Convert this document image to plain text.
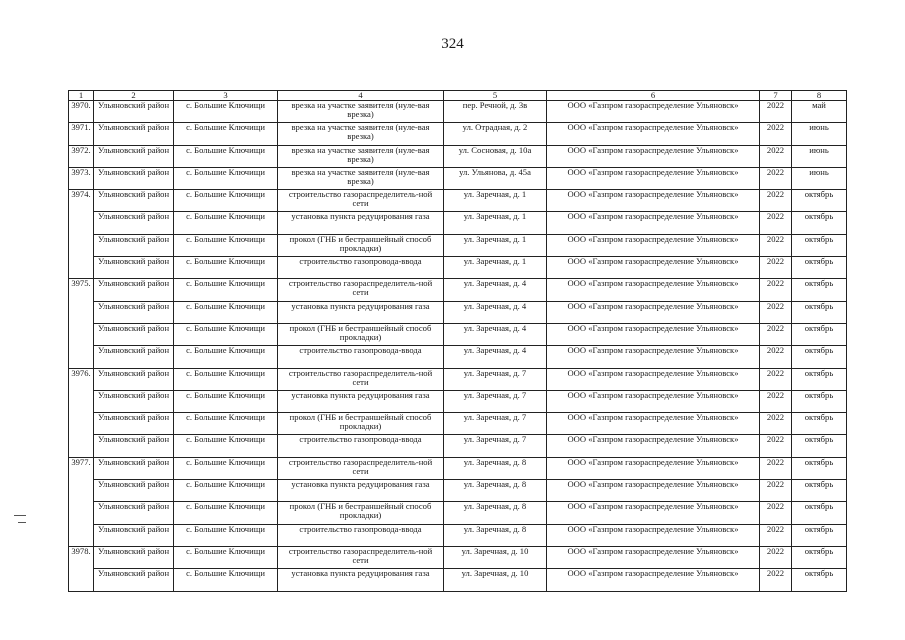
324
1	2	3	4	5	6	7	8
3970.	Ульяновский район	с. Большие Ключищи	врезка на участке заявителя (нуле-вая врезка)	пер. Речной, д. 3в	ООО «Газпром газораспределение Ульяновск»	2022	май
3971.	Ульяновский район	с. Большие Ключищи	врезка на участке заявителя (нуле-вая врезка)	ул. Отрадная, д. 2	ООО «Газпром газораспределение Ульяновск»	2022	июнь
3972.	Ульяновский район	с. Большие Ключищи	врезка на участке заявителя (нуле-вая врезка)	ул. Сосновая, д. 10а	ООО «Газпром газораспределение Ульяновск»	2022	июнь
3973.	Ульяновский район	с. Большие Ключищи	врезка на участке заявителя (нуле-вая врезка)	ул. Ульянова, д. 45а	ООО «Газпром газораспределение Ульяновск»	2022	июнь
3974.	Ульяновский район	с. Большие Ключищи	строительство газораспределитель-ной сети	ул. Заречная, д. 1	ООО «Газпром газораспределение Ульяновск»	2022	октябрь
	Ульяновский район	с. Большие Ключищи	установка пункта редуцирования газа	ул. Заречная, д. 1	ООО «Газпром газораспределение Ульяновск»	2022	октябрь
	Ульяновский район	с. Большие Ключищи	прокол (ГНБ и бестраншейный способ прокладки)	ул. Заречная, д. 1	ООО «Газпром газораспределение Ульяновск»	2022	октябрь
	Ульяновский район	с. Большие Ключищи	строительство газопровода-ввода	ул. Заречная, д. 1	ООО «Газпром газораспределение Ульяновск»	2022	октябрь
3975.	Ульяновский район	с. Большие Ключищи	строительство газораспределитель-ной сети	ул. Заречная, д. 4	ООО «Газпром газораспределение Ульяновск»	2022	октябрь
	Ульяновский район	с. Большие Ключищи	установка пункта редуцирования газа	ул. Заречная, д. 4	ООО «Газпром газораспределение Ульяновск»	2022	октябрь
	Ульяновский район	с. Большие Ключищи	прокол (ГНБ и бестраншейный способ прокладки)	ул. Заречная, д. 4	ООО «Газпром газораспределение Ульяновск»	2022	октябрь
	Ульяновский район	с. Большие Ключищи	строительство газопровода-ввода	ул. Заречная, д. 4	ООО «Газпром газораспределение Ульяновск»	2022	октябрь
3976.	Ульяновский район	с. Большие Ключищи	строительство газораспределитель-ной сети	ул. Заречная, д. 7	ООО «Газпром газораспределение Ульяновск»	2022	октябрь
	Ульяновский район	с. Большие Ключищи	установка пункта редуцирования газа	ул. Заречная, д. 7	ООО «Газпром газораспределение Ульяновск»	2022	октябрь
	Ульяновский район	с. Большие Ключищи	прокол (ГНБ и бестраншейный способ прокладки)	ул. Заречная, д. 7	ООО «Газпром газораспределение Ульяновск»	2022	октябрь
	Ульяновский район	с. Большие Ключищи	строительство газопровода-ввода	ул. Заречная, д. 7	ООО «Газпром газораспределение Ульяновск»	2022	октябрь
3977.	Ульяновский район	с. Большие Ключищи	строительство газораспределитель-ной сети	ул. Заречная, д. 8	ООО «Газпром газораспределение Ульяновск»	2022	октябрь
	Ульяновский район	с. Большие Ключищи	установка пункта редуцирования газа	ул. Заречная, д. 8	ООО «Газпром газораспределение Ульяновск»	2022	октябрь
	Ульяновский район	с. Большие Ключищи	прокол (ГНБ и бестраншейный способ прокладки)	ул. Заречная, д. 8	ООО «Газпром газораспределение Ульяновск»	2022	октябрь
	Ульяновский район	с. Большие Ключищи	строительство газопровода-ввода	ул. Заречная, д. 8	ООО «Газпром газораспределение Ульяновск»	2022	октябрь
3978.	Ульяновский район	с. Большие Ключищи	строительство газораспределитель-ной сети	ул. Заречная, д. 10	ООО «Газпром газораспределение Ульяновск»	2022	октябрь
	Ульяновский район	с. Большие Ключищи	установка пункта редуцирования газа	ул. Заречная, д. 10	ООО «Газпром газораспределение Ульяновск»	2022	октябрь
